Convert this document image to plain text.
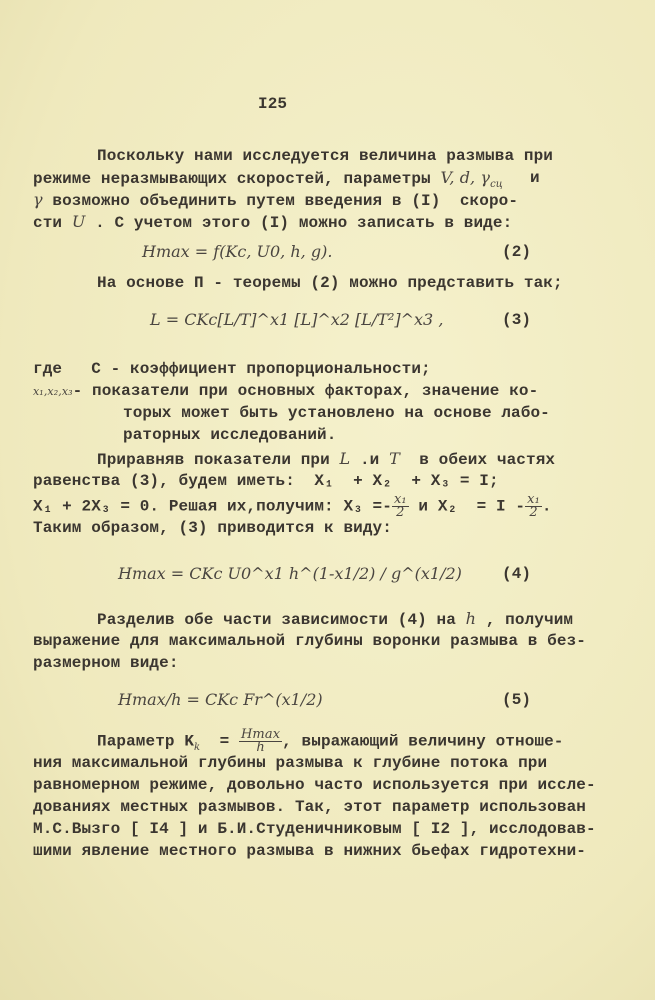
I25
Поскольку нами исследуется величина размыва при
режиме неразмывающих скоростей, параметры V, d, $\gamma_{сц}$ и
γ возможно объединить путем введения в (I)  скоро-
сти U . С учетом этого (I) можно записать в виде:
Hmax = f(Kc, U0, h, g).	(2)
На основе П - теоремы (2) можно представить так;
L = CKc[L/T]^x1 [L]^x2 [L/T²]^x3 ,	(3)
где   С - коэффициент пропорциональности;
x₁,x₂,x₃- показатели при основных факторах, значение ко-
торых может быть установлено на основе лабо-
раторных исследований.
Приравняв показатели при L .и T  в обеих частях
равенства (3), будем иметь:  X₁  + X₂  + X₃ = I;
X₁ + 2X₃ = 0. Решая их,получим: $X_3 =- \frac{\text{x₁}}{2}$ и $X_2 = I - \frac{\text{x₁}}{2}$ .
Таким образом, (3) приводится к виду:
Hmax = CKc U0^x1 h^(1-x1/2) / g^(x1/2)	(4)
Разделив обе части зависимости (4) на h , получим
выражение для максимальной глубины воронки размыва в без-
размерном виде:
Hmax/h = CKc Fr^(x1/2)	(5)
Параметр $K_k = \frac{Hmax}{h}$ , выражающий величину отноше-
ния максимальной глубины размыва к глубине потока при
равномерном режиме, довольно часто используется при иссле-
дованиях местных размывов. Так, этот параметр использован
М.С.Вызго [ I4 ] и Б.И.Студеничниковым [ I2 ], исслодовав-
шими явление местного размыва в нижних бьефах гидротехни-
